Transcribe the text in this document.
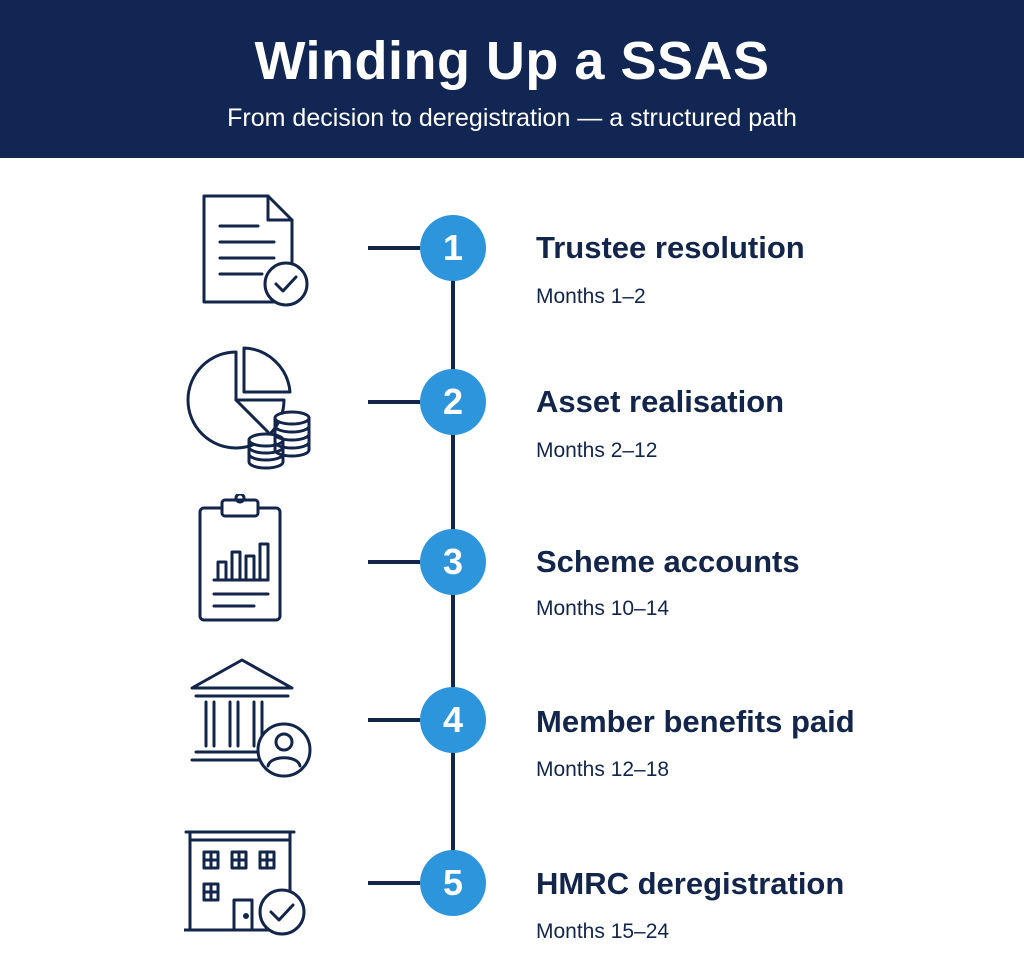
Winding Up a SSAS
From decision to deregistration — a structured path
1	Trustee resolution
Months 1–2
2	Asset realisation
Months 2–12
3	Scheme accounts
Months 10–14
4	Member benefits paid
Months 12–18
5	HMRC deregistration
Months 15–24
